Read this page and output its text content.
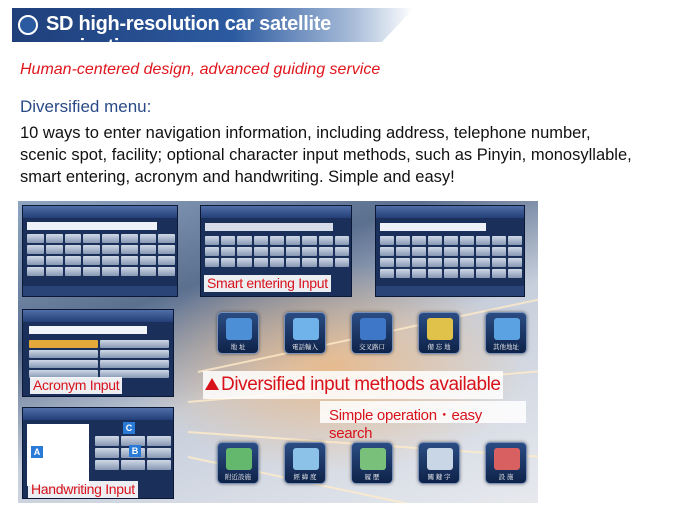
SD high-resolution car satellite navigation
Human-centered design, advanced guiding service
Diversified menu:
10 ways to enter navigation information, including address, telephone number, scenic spot, facility; optional character input methods, such as Pinyin, monosyllable, smart entering, acronym and handwriting. Simple and easy!
Smart entering Input
Acronym Input
A
C
B
Handwriting Input
地 址	電話輸入	交叉路口	備 忘 地	其他地址
Diversified input methods available
Simple operation・easy search
附近設施	經 緯 度	履 歷	關 鍵 字	設 施
